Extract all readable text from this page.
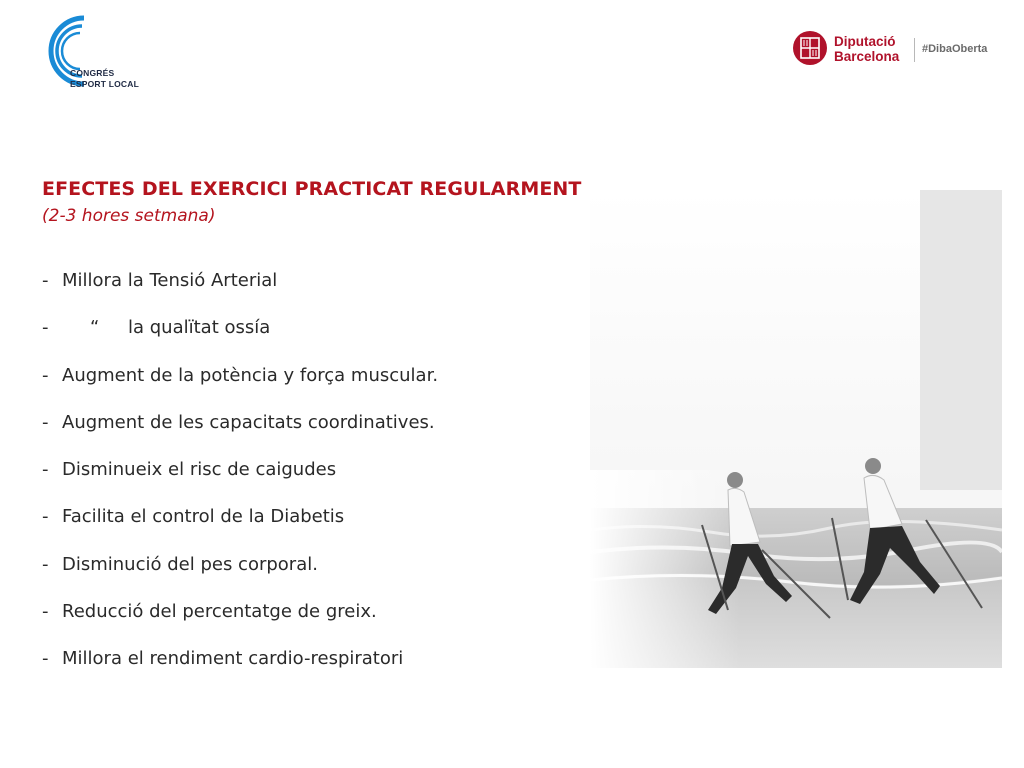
CONGRÉS
ESPORT LOCAL
Diputació
Barcelona #DibaOberta
EFECTES DEL EXERCICI PRACTICAT REGULARMENT
(2-3 hores setmana)
- Millora la Tensió Arterial
- “ la qualïtat ossía
- Augment de la potència y força muscular.
- Augment de les capacitats coordinatives.
- Disminueix el risc de caigudes
- Facilita el control de la Diabetis
- Disminució del pes corporal.
- Reducció del percentatge de greix.
- Millora el rendiment cardio-respiratori
